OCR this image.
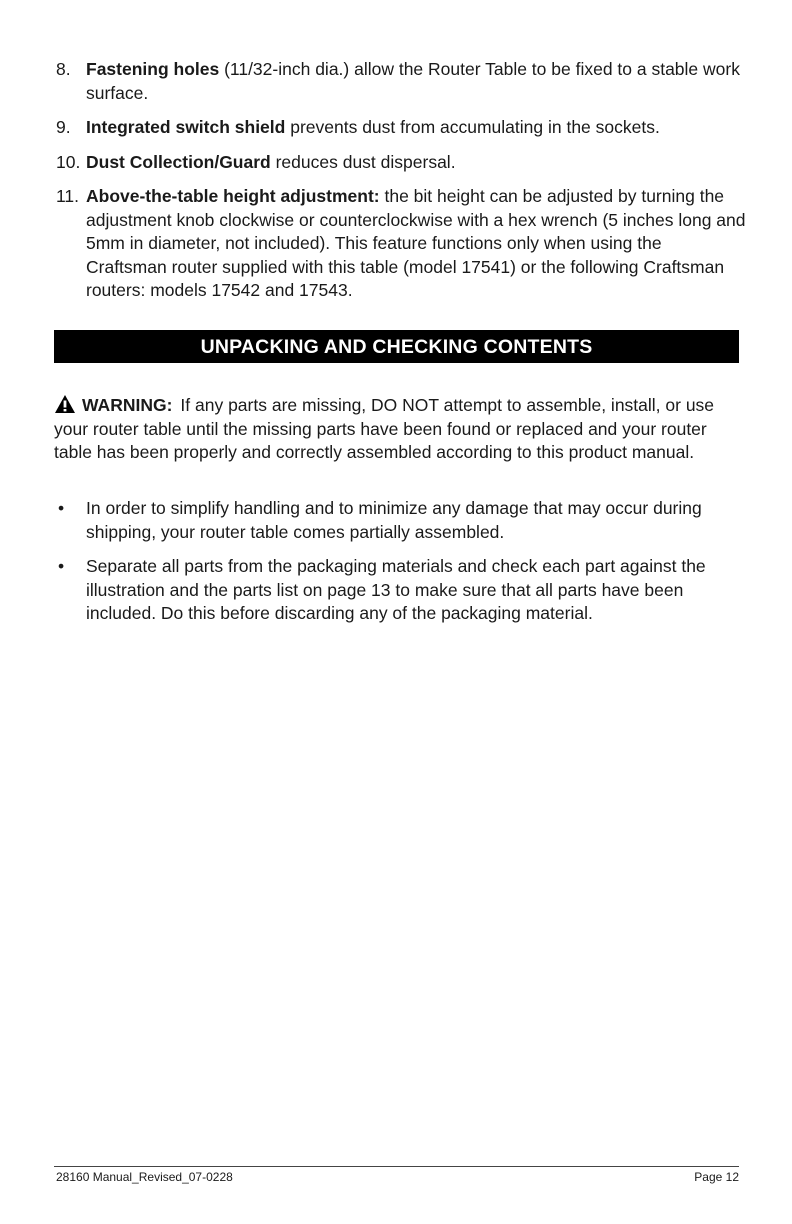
8. Fastening holes (11/32-inch dia.) allow the Router Table to be fixed to a stable work surface.
9. Integrated switch shield prevents dust from accumulating in the sockets.
10. Dust Collection/Guard reduces dust dispersal.
11. Above-the-table height adjustment: the bit height can be adjusted by turning the adjustment knob clockwise or counterclockwise with a hex wrench (5 inches long and 5mm in diameter, not included). This feature functions only when using the Craftsman router supplied with this table (model 17541) or the following Craftsman routers: models 17542 and 17543.
UNPACKING AND CHECKING CONTENTS

WARNING: If any parts are missing, DO NOT attempt to assemble, install, or use your router table until the missing parts have been found or replaced and your router table has been properly and correctly assembled according to this product manual.

• In order to simplify handling and to minimize any damage that may occur during shipping, your router table comes partially assembled.
• Separate all parts from the packaging materials and check each part against the illustration and the parts list on page 13 to make sure that all parts have been included. Do this before discarding any of the packaging material.
28160 Manual_Revised_07-0228	Page 12
